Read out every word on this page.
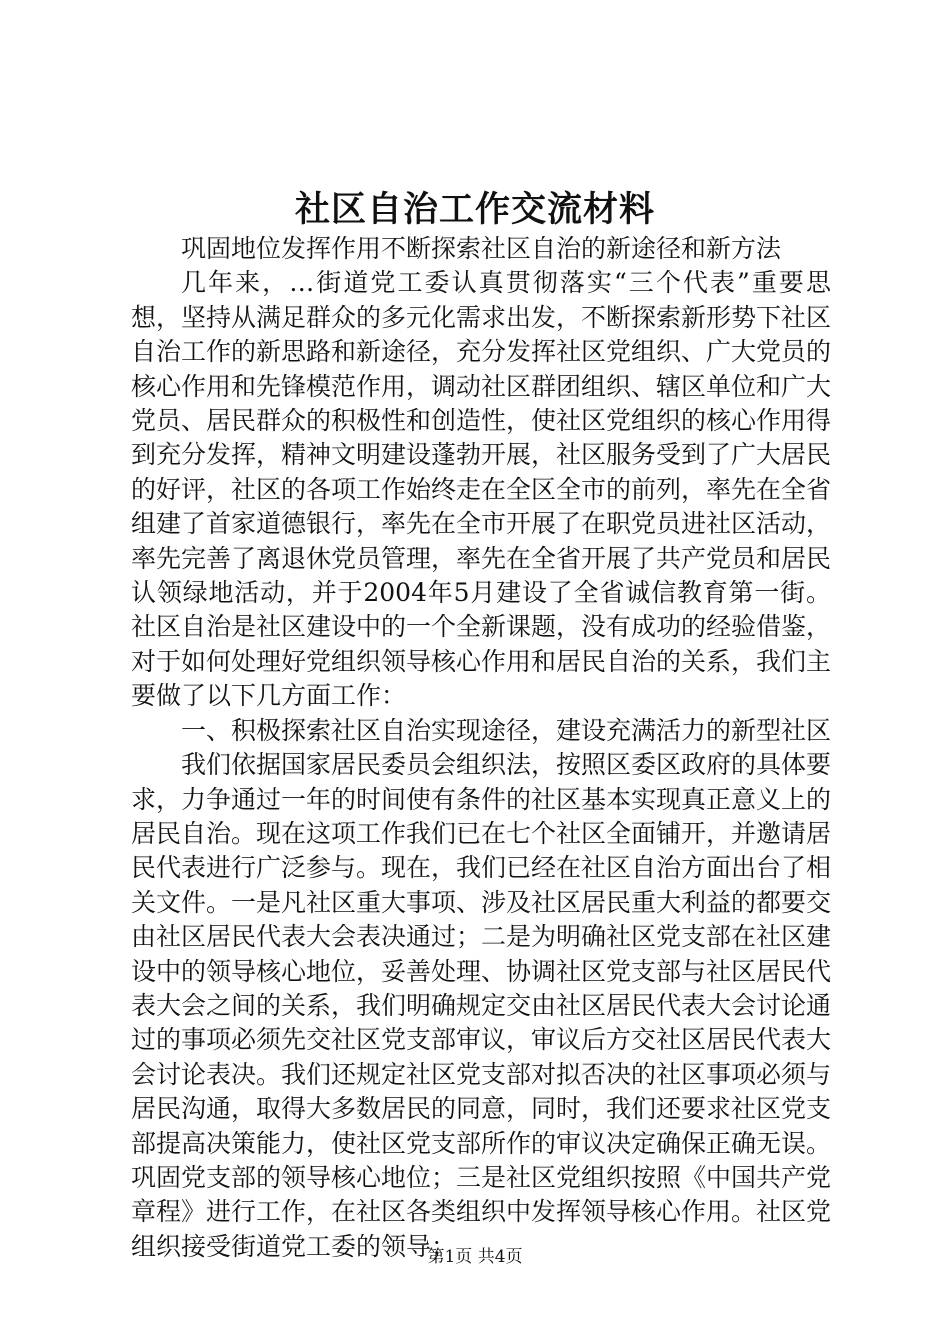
社区自治工作交流材料

巩固地位发挥作用不断探索社区自治的新途径和新方法

几年来，…街道党工委认真贯彻落实“三个代表”重要思想，坚持从满足群众的多元化需求出发，不断探索新形势下社区自治工作的新思路和新途径，充分发挥社区党组织、广大党员的核心作用和先锋模范作用，调动社区群团组织、辖区单位和广大党员、居民群众的积极性和创造性，使社区党组织的核心作用得到充分发挥，精神文明建设蓬勃开展，社区服务受到了广大居民的好评，社区的各项工作始终走在全区全市的前列，率先在全省组建了首家道德银行，率先在全市开展了在职党员进社区活动，率先完善了离退休党员管理，率先在全省开展了共产党员和居民认领绿地活动，并于2004年5月建设了全省诚信教育第一街。社区自治是社区建设中的一个全新课题，没有成功的经验借鉴，对于如何处理好党组织领导核心作用和居民自治的关系，我们主要做了以下几方面工作：

一、积极探索社区自治实现途径，建设充满活力的新型社区

我们依据国家居民委员会组织法，按照区委区政府的具体要求，力争通过一年的时间使有条件的社区基本实现真正意义上的居民自治。现在这项工作我们已在七个社区全面铺开，并邀请居民代表进行广泛参与。现在，我们已经在社区自治方面出台了相关文件。一是凡社区重大事项、涉及社区居民重大利益的都要交由社区居民代表大会表决通过；二是为明确社区党支部在社区建设中的领导核心地位，妥善处理、协调社区党支部与社区居民代表大会之间的关系，我们明确规定交由社区居民代表大会讨论通过的事项必须先交社区党支部审议，审议后方交社区居民代表大会讨论表决。我们还规定社区党支部对拟否决的社区事项必须与居民沟通，取得大多数居民的同意，同时，我们还要求社区党支部提高决策能力，使社区党支部所作的审议决定确保正确无误。巩固党支部的领导核心地位；三是社区党组织按照《中国共产党章程》进行工作，在社区各类组织中发挥领导核心作用。社区党组织接受街道党工委的领导；

第1页 共4页
